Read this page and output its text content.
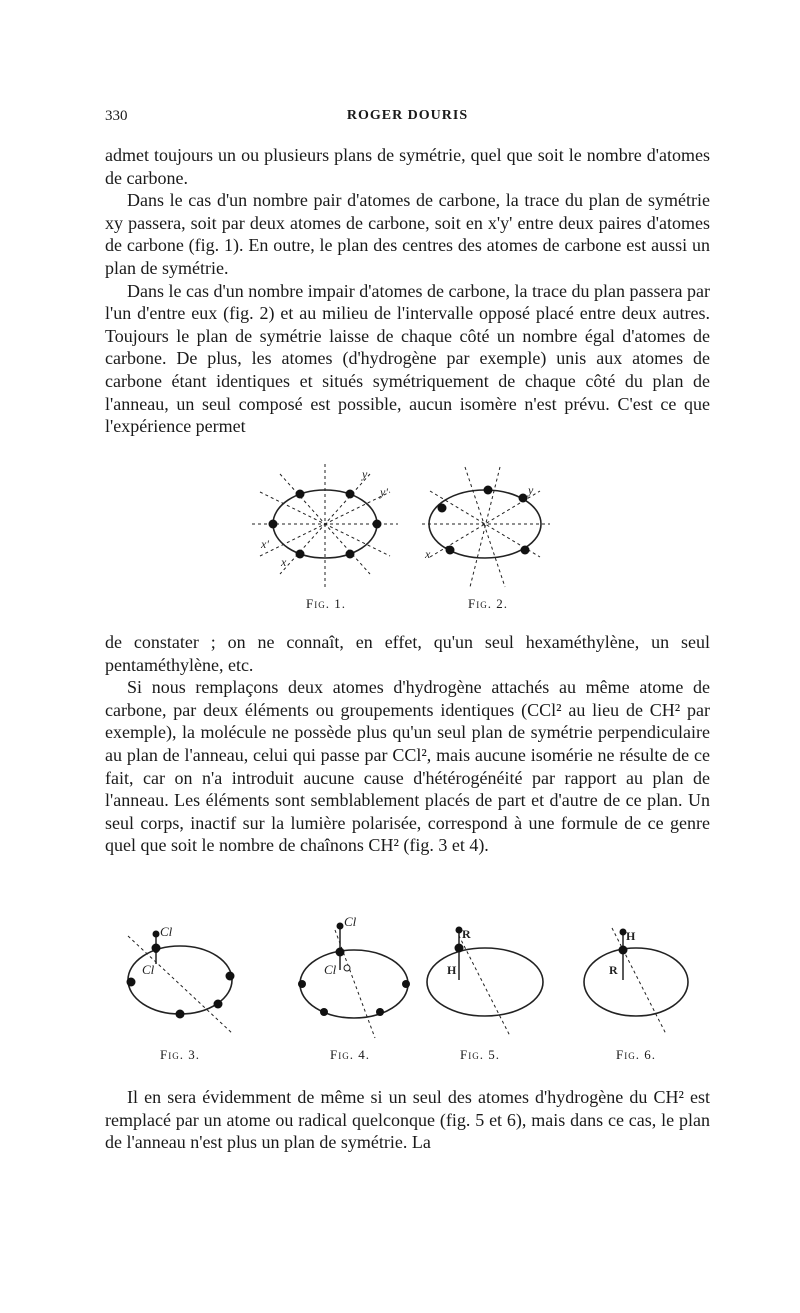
330	ROGER DOURIS

admet toujours un ou plusieurs plans de symétrie, quel que soit le nombre d'atomes de carbone.

Dans le cas d'un nombre pair d'atomes de carbone, la trace du plan de symétrie xy passera, soit par deux atomes de carbone, soit en x'y' entre deux paires d'atomes de carbone (fig. 1). En outre, le plan des centres des atomes de carbone est aussi un plan de symétrie.

Dans le cas d'un nombre impair d'atomes de carbone, la trace du plan passera par l'un d'entre eux (fig. 2) et au milieu de l'intervalle opposé placé entre deux autres. Toujours le plan de symétrie laisse de chaque côté un nombre égal d'atomes de carbone. De plus, les atomes (d'hydrogène par exemple) unis aux atomes de carbone étant identiques et situés symétriquement de chaque côté du plan de l'anneau, un seul composé est possible, aucun isomère n'est prévu. C'est ce que l'expérience permet

y
y'
x'
x
Fig. 1.
y
x
Fig. 2.

de constater ; on ne connaît, en effet, qu'un seul hexaméthylène, un seul pentaméthylène, etc.

Si nous remplaçons deux atomes d'hydrogène attachés au même atome de carbone, par deux éléments ou groupements identiques (CCl² au lieu de CH² par exemple), la molécule ne possède plus qu'un seul plan de symétrie perpendiculaire au plan de l'anneau, celui qui passe par CCl², mais aucune isomérie ne résulte de ce fait, car on n'a introduit aucune cause d'hétérogénéité par rapport au plan de l'anneau. Les éléments sont semblablement placés de part et d'autre de ce plan. Un seul corps, inactif sur la lumière polarisée, correspond à une formule de ce genre quel que soit le nombre de chaînons CH² (fig. 3 et 4).

Cl
Cl
Fig. 3.
Cl
Cl
Fig. 4.
R
H
Fig. 5.
H
R
Fig. 6.

Il en sera évidemment de même si un seul des atomes d'hydrogène du CH² est remplacé par un atome ou radical quelconque (fig. 5 et 6), mais dans ce cas, le plan de l'anneau n'est plus un plan de symétrie. La
